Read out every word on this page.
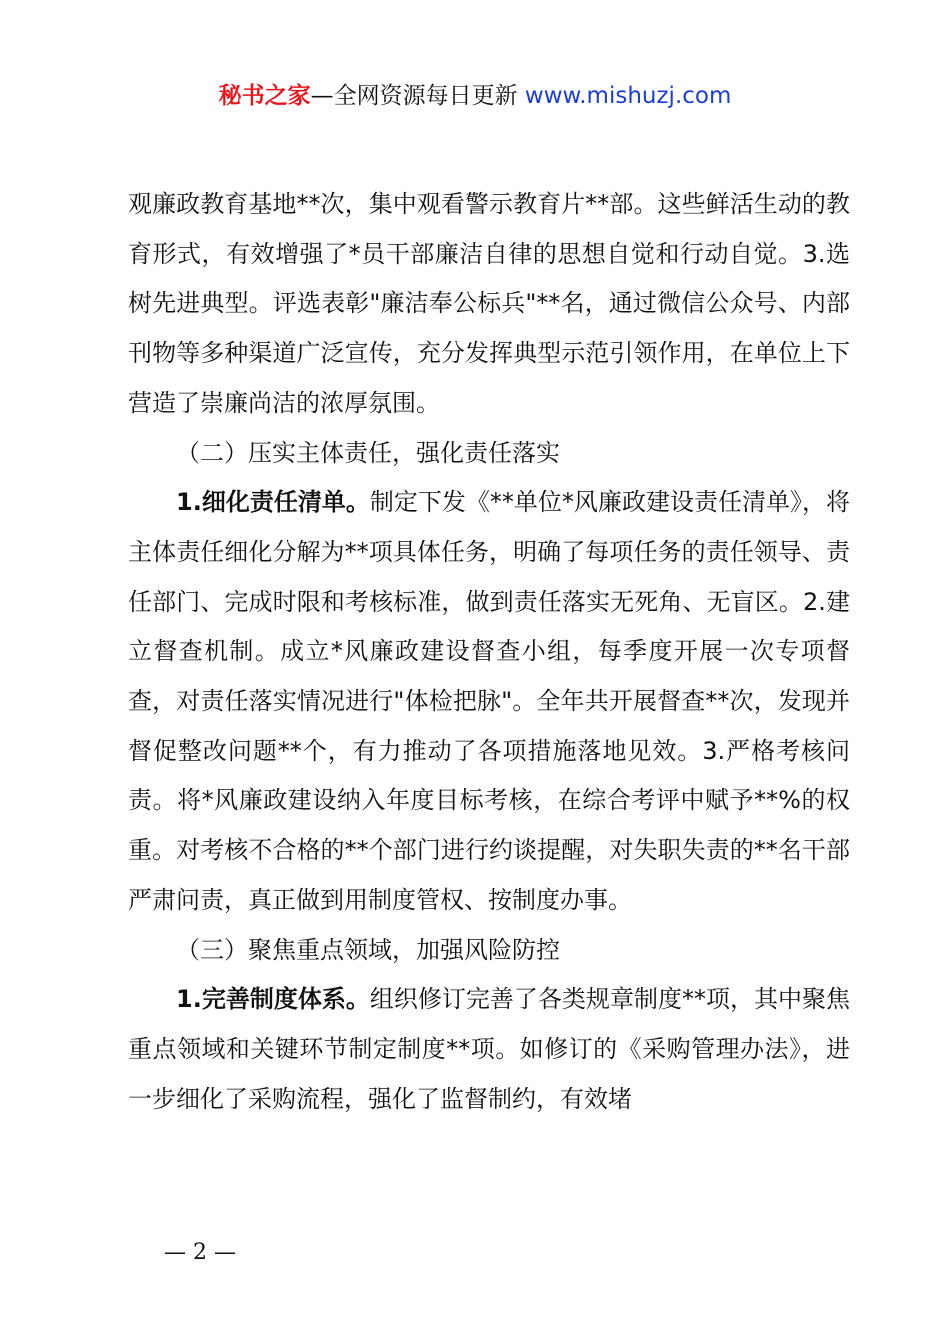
秘书之家—全网资源每日更新 www.mishuzj.com

观廉政教育基地**次，集中观看警示教育片**部。这些鲜活生动的教育形式，有效增强了*员干部廉洁自律的思想自觉和行动自觉。3.选树先进典型。评选表彰"廉洁奉公标兵"**名，通过微信公众号、内部刊物等多种渠道广泛宣传，充分发挥典型示范引领作用，在单位上下营造了崇廉尚洁的浓厚氛围。

（二）压实主体责任，强化责任落实

1.细化责任清单。制定下发《**单位*风廉政建设责任清单》，将主体责任细化分解为**项具体任务，明确了每项任务的责任领导、责任部门、完成时限和考核标准，做到责任落实无死角、无盲区。2.建立督查机制。成立*风廉政建设督查小组，每季度开展一次专项督查，对责任落实情况进行"体检把脉"。全年共开展督查**次，发现并督促整改问题**个，有力推动了各项措施落地见效。3.严格考核问责。将*风廉政建设纳入年度目标考核，在综合考评中赋予**%的权重。对考核不合格的**个部门进行约谈提醒，对失职失责的**名干部严肃问责，真正做到用制度管权、按制度办事。

（三）聚焦重点领域，加强风险防控

1.完善制度体系。组织修订完善了各类规章制度**项，其中聚焦重点领域和关键环节制定制度**项。如修订的《采购管理办法》，进一步细化了采购流程，强化了监督制约，有效堵

— 2 —
